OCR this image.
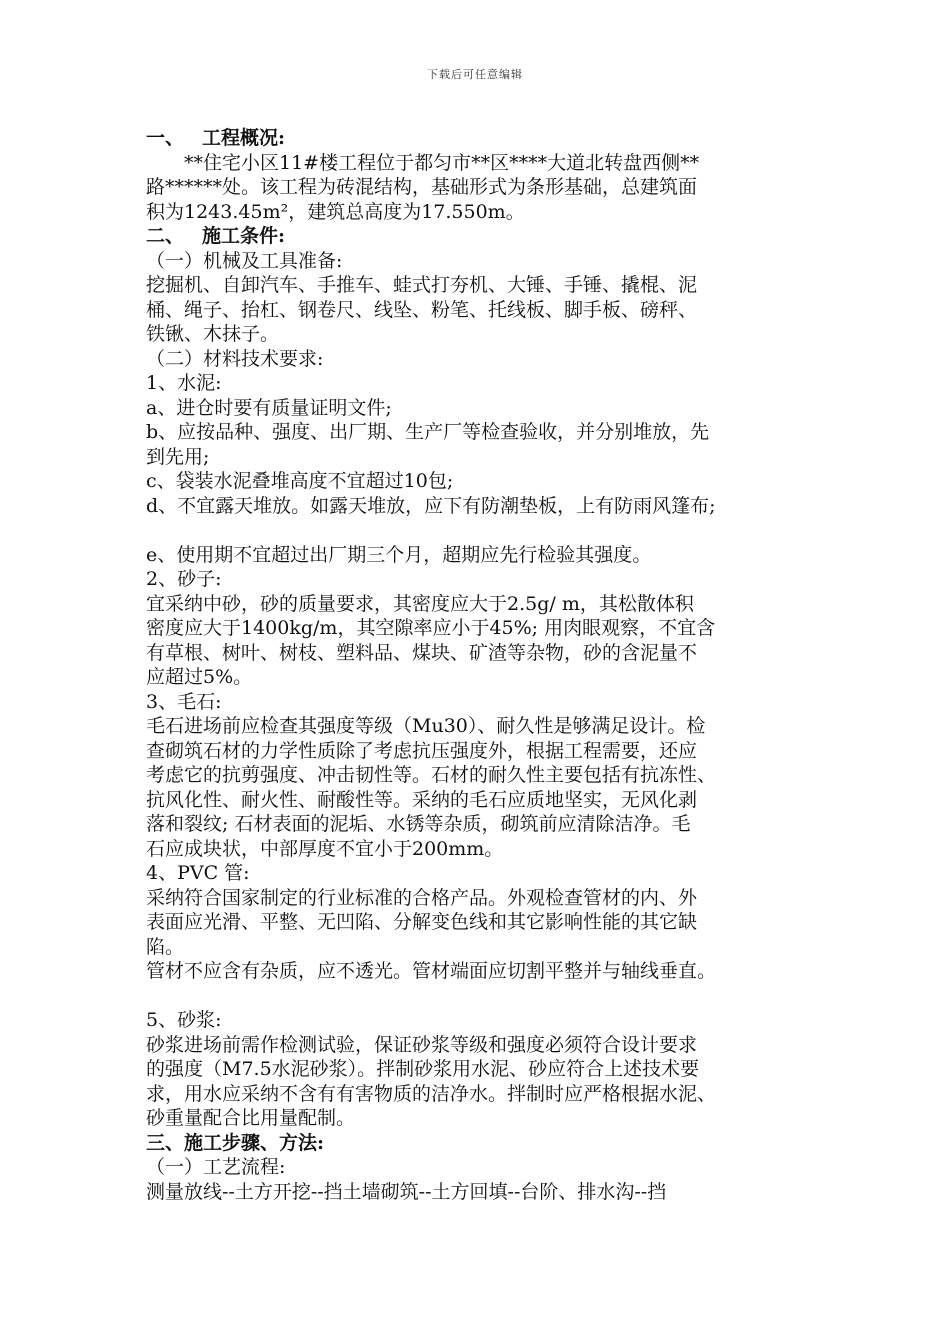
下载后可任意编辑
一、 工程概况:
**住宅小区11#楼工程位于都匀市**区****大道北转盘西侧**
路******处。该工程为砖混结构，基础形式为条形基础，总建筑面
积为1243.45m²，建筑总高度为17.550m。
二、 施工条件:
（一）机械及工具准备:
挖掘机、自卸汽车、手推车、蛙式打夯机、大锤、手锤、撬棍、泥
桶、绳子、抬杠、钢卷尺、线坠、粉笔、托线板、脚手板、磅秤、
铁锹、木抹子。
（二）材料技术要求:
1、水泥:
a、进仓时要有质量证明文件;
b、应按品种、强度、出厂期、生产厂等检查验收，并分别堆放，先
到先用;
c、袋装水泥叠堆高度不宜超过10包;
d、不宜露天堆放。如露天堆放，应下有防潮垫板，上有防雨风篷布;
e、使用期不宜超过出厂期三个月，超期应先行检验其强度。
2、砂子:
宜采纳中砂，砂的质量要求，其密度应大于2.5g/ m，其松散体积
密度应大于1400kg/m，其空隙率应小于45%; 用肉眼观察，不宜含
有草根、树叶、树枝、塑料品、煤块、矿渣等杂物，砂的含泥量不
应超过5%。
3、毛石:
毛石进场前应检查其强度等级（Mu30）、耐久性是够满足设计。检
查砌筑石材的力学性质除了考虑抗压强度外，根据工程需要，还应
考虑它的抗剪强度、冲击韧性等。石材的耐久性主要包括有抗冻性、
抗风化性、耐火性、耐酸性等。采纳的毛石应质地坚实，无风化剥
落和裂纹; 石材表面的泥垢、水锈等杂质，砌筑前应清除洁净。毛
石应成块状，中部厚度不宜小于200mm。
4、PVC 管:
采纳符合国家制定的行业标准的合格产品。外观检查管材的内、外
表面应光滑、平整、无凹陷、分解变色线和其它影响性能的其它缺
陷。
管材不应含有杂质，应不透光。管材端面应切割平整并与轴线垂直。
5、砂浆:
砂浆进场前需作检测试验，保证砂浆等级和强度必须符合设计要求
的强度（M7.5水泥砂浆）。拌制砂浆用水泥、砂应符合上述技术要
求，用水应采纳不含有有害物质的洁净水。拌制时应严格根据水泥、
砂重量配合比用量配制。
三、施工步骤、方法:
（一）工艺流程:
测量放线--土方开挖--挡土墙砌筑--土方回填--台阶、排水沟--挡
